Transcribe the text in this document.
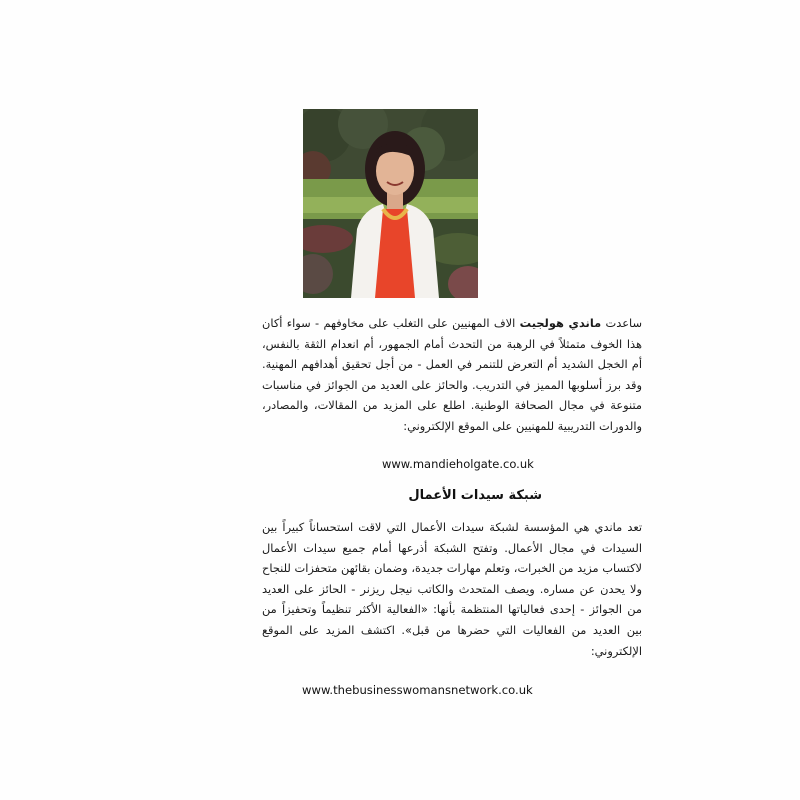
ساعدت ماندي هولجيت الاف المهنيين على التغلب على مخاوفهم - سواء أكان هذا الخوف متمثلاً في الرهبة من التحدث أمام الجمهور، أم انعدام الثقة بالنفس، أم الخجل الشديد أم التعرض للتنمر في العمل - من أجل تحقيق أهدافهم المهنية. وقد برز أسلوبها المميز في التدريب. والحائز على العديد من الجوائز في مناسبات متنوعة في مجال الصحافة الوطنية. اطلع على المزيد من المقالات، والمصادر، والدورات التدريبية للمهنيين على الموقع الإلكتروني:

www.mandieholgate.co.uk
شبكة سيدات الأعمال

تعد ماندي هي المؤسسة لشبكة سيدات الأعمال التي لاقت استحساناً كبيراً بين السيدات في مجال الأعمال. وتفتح الشبكة أذرعها أمام جميع سيدات الأعمال لاكتساب مزيد من الخبرات، وتعلم مهارات جديدة، وضمان بقائهن متحفزات للنجاح ولا يحدن عن مساره. ويصف المتحدث والكاتب نيجل ريزنر - الحائز على العديد من الجوائز - إحدى فعالياتها المنتظمة بأنها: «الفعالية الأكثر تنظيماً وتحفيزاً من بين العديد من الفعاليات التي حضرها من قبل». اكتشف المزيد على الموقع الإلكتروني:

www.thebusinesswomansnetwork.co.uk
